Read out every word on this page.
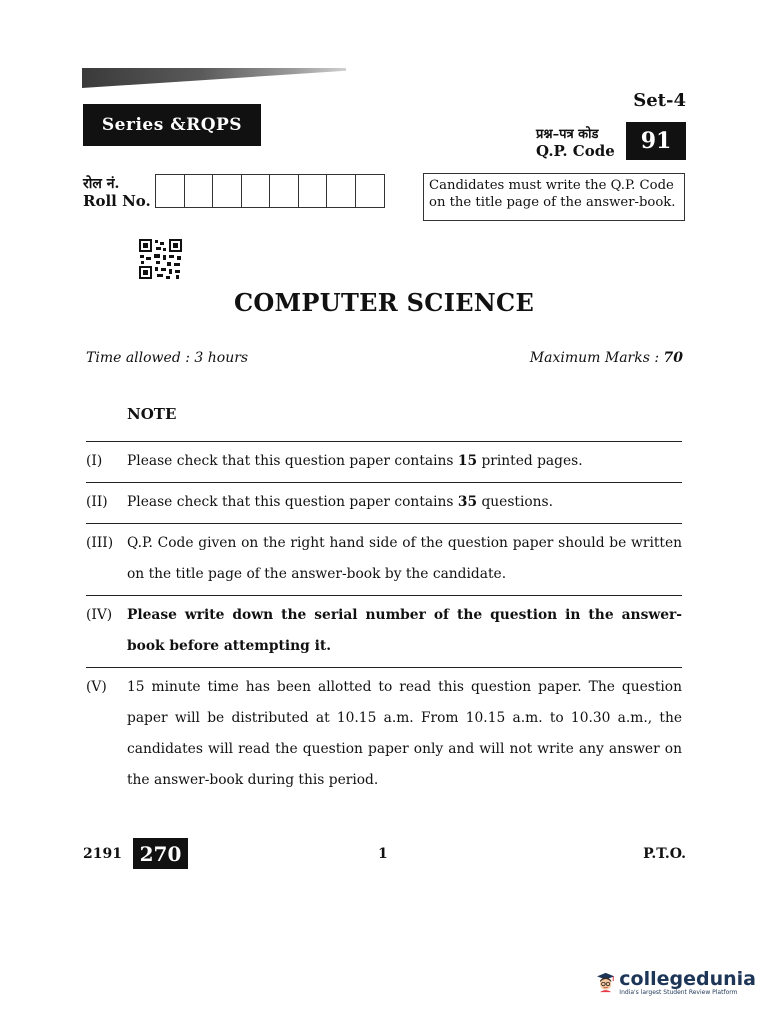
Series &RQPS
Set-4
प्रश्न–पत्र कोड
Q.P. Code 91
रोल नं.
Roll No.
Candidates must write the Q.P. Code on the title page of the answer-book.
COMPUTER SCIENCE
Time allowed : 3 hours	Maximum Marks : 70
NOTE
(I)	Please check that this question paper contains 15 printed pages.
(II)	Please check that this question paper contains 35 questions.
(III)	Q.P. Code given on the right hand side of the question paper should be written on the title page of the answer-book by the candidate.
(IV)	Please write down the serial number of the question in the answer-book before attempting it.
(V)	15 minute time has been allotted to read this question paper. The question paper will be distributed at 10.15 a.m. From 10.15 a.m. to 10.30 a.m., the candidates will read the question paper only and will not write any answer on the answer-book during this period.
2191 270	1	P.T.O.
collegedunia
India's largest Student Review Platform
